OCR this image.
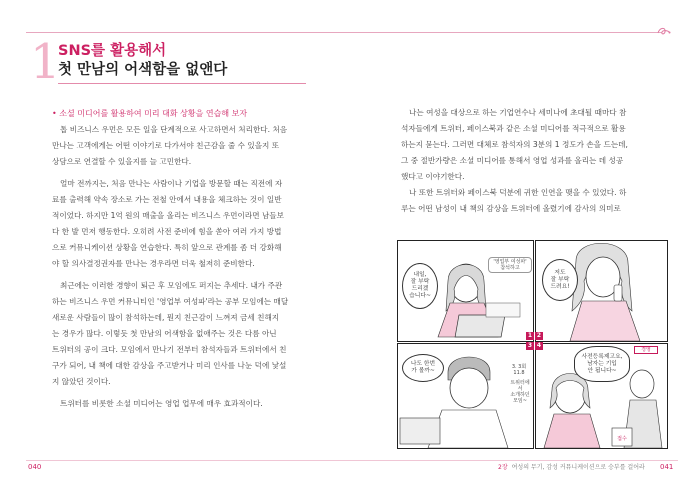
1
SNS를 활용해서
첫 만남의 어색함을 없앤다
• 소셜 미디어를 활용하여 미리 대화 상황을 연습해 보자
톱 비즈니스 우먼은 모든 일을 단계적으로 사고하면서 처리한다. 처음
만나는 고객에게는 어떤 이야기로 다가서야 친근감을 줄 수 있을지 또
상담으로 연결할 수 있을지를 늘 고민한다.
얼마 전까지는, 처음 만나는 사람이나 기업을 방문할 때는 직전에 자
료를 출력해 약속 장소로 가는 전철 안에서 내용을 체크하는 것이 일반
적이었다. 하지만 1억 원의 매출을 올리는 비즈니스 우먼이라면 남들보
다 한 발 먼저 행동한다. 오히려 사전 준비에 힘을 쏟아 여러 가지 방법
으로 커뮤니케이션 상황을 연습한다. 특히 앞으로 관계를 좀 더 강화해
야 할 의사결정권자를 만나는 경우라면 더욱 철저히 준비한다.
최근에는 이러한 경향이 퇴근 후 모임에도 퍼지는 추세다. 내가 주관
하는 비즈니스 우먼 커뮤니티인 '영업부 여성파'라는 공부 모임에는 매달
새로운 사람들이 많이 참석하는데, 뭔지 친근감이 느껴져 금세 친해지
는 경우가 많다. 이렇듯 첫 만남의 어색함을 없애주는 것은 다름 아닌
트위터의 공이 크다. 모임에서 만나기 전부터 참석자들과 트위터에서 친
구가 되어, 내 책에 대한 감상을 주고받거나 미리 인사를 나눈 덕에 낯설
지 않았던 것이다.
트위터를 비롯한 소셜 미디어는 영업 업무에 매우 효과적이다.
나는 여성을 대상으로 하는 기업연수나 세미나에 초대될 때마다 참
석자들에게 트위터, 페이스북과 같은 소셜 미디어를 적극적으로 활용
하는지 묻는다. 그러면 대체로 참석자의 3분의 1 정도가 손을 드는데,
그 중 절반가량은 소셜 미디어를 통해서 영업 성과를 올리는 데 성공
했다고 이야기한다.
나 또한 트위터와 페이스북 덕분에 귀한 인연을 맺을 수 있었다. 하
루는 어떤 남성이 내 책의 감상을 트위터에 올렸기에 감사의 의미로
내일,
잘 부탁
드리겠
습니다~
'영업부 여성파'
참석하고
저도
잘 부탁
드려요!
나도 한번
가 볼까~
3. 3회
11.8
트위터에서
소개하던
모임~
사전등록제고요,
남자는 기입
안 됩니다~
경영
접수
1 2
3 4
040	2장 여성의 무기, 감성 커뮤니케이션으로 승부를 걸어라 041
